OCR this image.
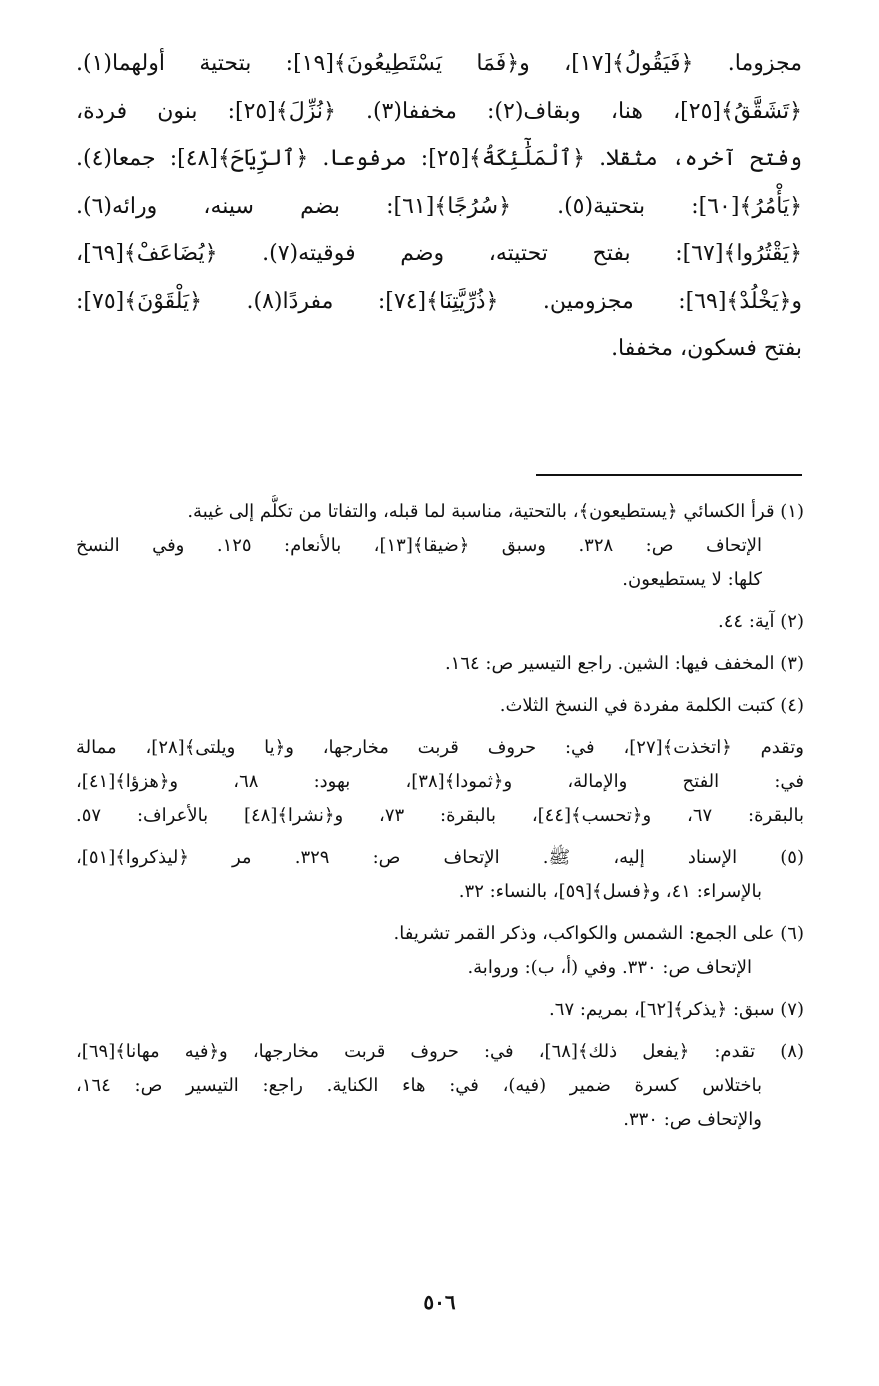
مجزوما. ﴿فَيَقُولُ﴾[١٧]، و﴿فَمَا يَسْتَطِيعُونَ﴾[١٩]: بتحتية أولهما(١).
﴿تَشَقَّقُ﴾[٢٥]، هنا، وبقاف(٢): مخففا(٣). ﴿نُزِّلَ﴾[٢٥]: بنون فردة،
وفتح آخره، مثقلا. ﴿ٱلْمَلَٰٓئِكَةُ﴾[٢٥]: مرفوعا. ﴿ٱلرِّيَاحَ﴾[٤٨]: جمعا(٤).
﴿يَأْمُرُ﴾[٦٠]: بتحتية(٥). ﴿سُرُجًا﴾[٦١]: بضم سينه، ورائه(٦).
﴿يَقْتُرُوا﴾[٦٧]: بفتح تحتيته، وضم فوقيته(٧). ﴿يُضَاعَفْ﴾[٦٩]،
و﴿يَخْلُدْ﴾[٦٩]: مجزومين. ﴿ذُرِّيَّتِنَا﴾[٧٤]: مفردًا(٨). ﴿يَلْقَوْنَ﴾[٧٥]:
بفتح فسكون، مخففا.
(١) قرأ الكسائي ﴿يستطيعون﴾، بالتحتية، مناسبة لما قبله، والتفاتا من تكلُّم إلى غيبة.
الإتحاف ص: ٣٢٨. وسبق ﴿ضيقا﴾[١٣]، بالأنعام: ١٢٥. وفي النسخ
كلها: لا يستطيعون.
(٢) آية: ٤٤.
(٣) المخفف فيها: الشين. راجع التيسير ص: ١٦٤.
(٤) كتبت الكلمة مفردة في النسخ الثلاث.
وتقدم ﴿اتخذت﴾[٢٧]، في: حروف قربت مخارجها، و﴿يا ويلتى﴾[٢٨]، ممالة
في: الفتح والإمالة، و﴿ثمودا﴾[٣٨]، بهود: ٦٨، و﴿هزؤا﴾[٤١]،
بالبقرة: ٦٧، و﴿تحسب﴾[٤٤]، بالبقرة: ٧٣، و﴿نشرا﴾[٤٨] بالأعراف: ٥٧.
(٥) الإسناد إليه، ﷺ. الإتحاف ص: ٣٢٩. مر ﴿ليذكروا﴾[٥١]،
بالإسراء: ٤١، و﴿فسل﴾[٥٩]، بالنساء: ٣٢.
(٦) على الجمع: الشمس والكواكب، وذكر القمر تشريفا.
الإتحاف ص: ٣٣٠. وفي (أ، ب): وروابة.
(٧) سبق: ﴿يذكر﴾[٦٢]، بمريم: ٦٧.
(٨) تقدم: ﴿يفعل ذلك﴾[٦٨]، في: حروف قربت مخارجها، و﴿فيه مهانا﴾[٦٩]،
باختلاس كسرة ضمير (فيه)، في: هاء الكناية. راجع: التيسير ص: ١٦٤،
والإتحاف ص: ٣٣٠.
٥٠٦
